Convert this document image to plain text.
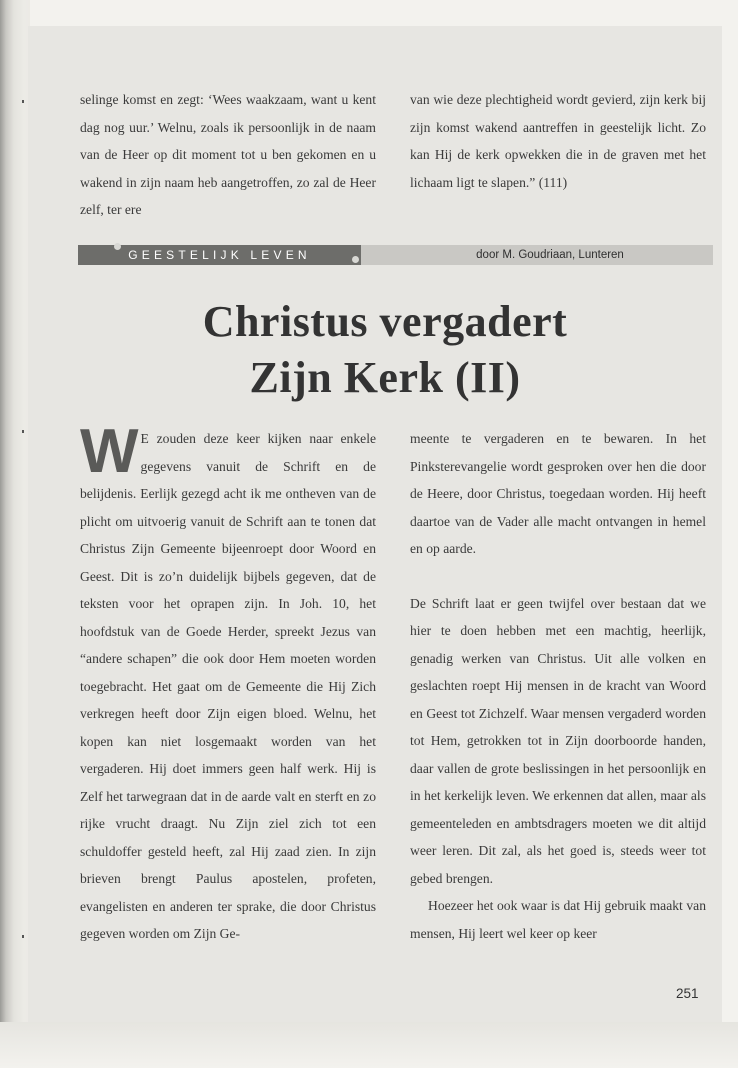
selinge komst en zegt: ‘Wees waakzaam, want u kent dag nog uur.’ Welnu, zoals ik persoonlijk in de naam van de Heer op dit moment tot u ben gekomen en u wakend in zijn naam heb aangetroffen, zo zal de Heer zelf, ter ere

van wie deze plechtigheid wordt gevierd, zijn kerk bij zijn komst wakend aantreffen in geestelijk licht. Zo kan Hij de kerk opwekken die in de graven met het lichaam ligt te slapen.” (111)

GEESTELIJK LEVEN	door M. Goudriaan, Lunteren
Christus vergadert
Zijn Kerk (II)

W E zouden deze keer kijken naar enkele gegevens vanuit de Schrift en de belijdenis. Eerlijk gezegd acht ik me ontheven van de plicht om uitvoerig vanuit de Schrift aan te tonen dat Christus Zijn Gemeente bijeenroept door Woord en Geest. Dit is zo’n duidelijk bijbels gegeven, dat de teksten voor het oprapen zijn. In Joh. 10, het hoofdstuk van de Goede Herder, spreekt Jezus van “andere schapen” die ook door Hem moeten worden toegebracht. Het gaat om de Gemeente die Hij Zich verkregen heeft door Zijn eigen bloed. Welnu, het kopen kan niet losgemaakt worden van het vergaderen. Hij doet immers geen half werk. Hij is Zelf het tarwegraan dat in de aarde valt en sterft en zo rijke vrucht draagt. Nu Zijn ziel zich tot een schuldoffer gesteld heeft, zal Hij zaad zien. In zijn brieven brengt Paulus apostelen, profeten, evangelisten en anderen ter sprake, die door Christus gegeven worden om Zijn Ge-

meente te vergaderen en te bewaren. In het Pinksterevangelie wordt gesproken over hen die door de Heere, door Christus, toegedaan worden. Hij heeft daartoe van de Vader alle macht ontvangen in hemel en op aarde.

De Schrift laat er geen twijfel over bestaan dat we hier te doen hebben met een machtig, heerlijk, genadig werken van Christus. Uit alle volken en geslachten roept Hij mensen in de kracht van Woord en Geest tot Zichzelf. Waar mensen vergaderd worden tot Hem, getrokken tot in Zijn doorboorde handen, daar vallen de grote beslissingen in het persoonlijk en in het kerkelijk leven. We erkennen dat allen, maar als gemeenteleden en ambtsdragers moeten we dit altijd weer leren. Dit zal, als het goed is, steeds weer tot gebed brengen.

Hoezeer het ook waar is dat Hij gebruik maakt van mensen, Hij leert wel keer op keer

251
